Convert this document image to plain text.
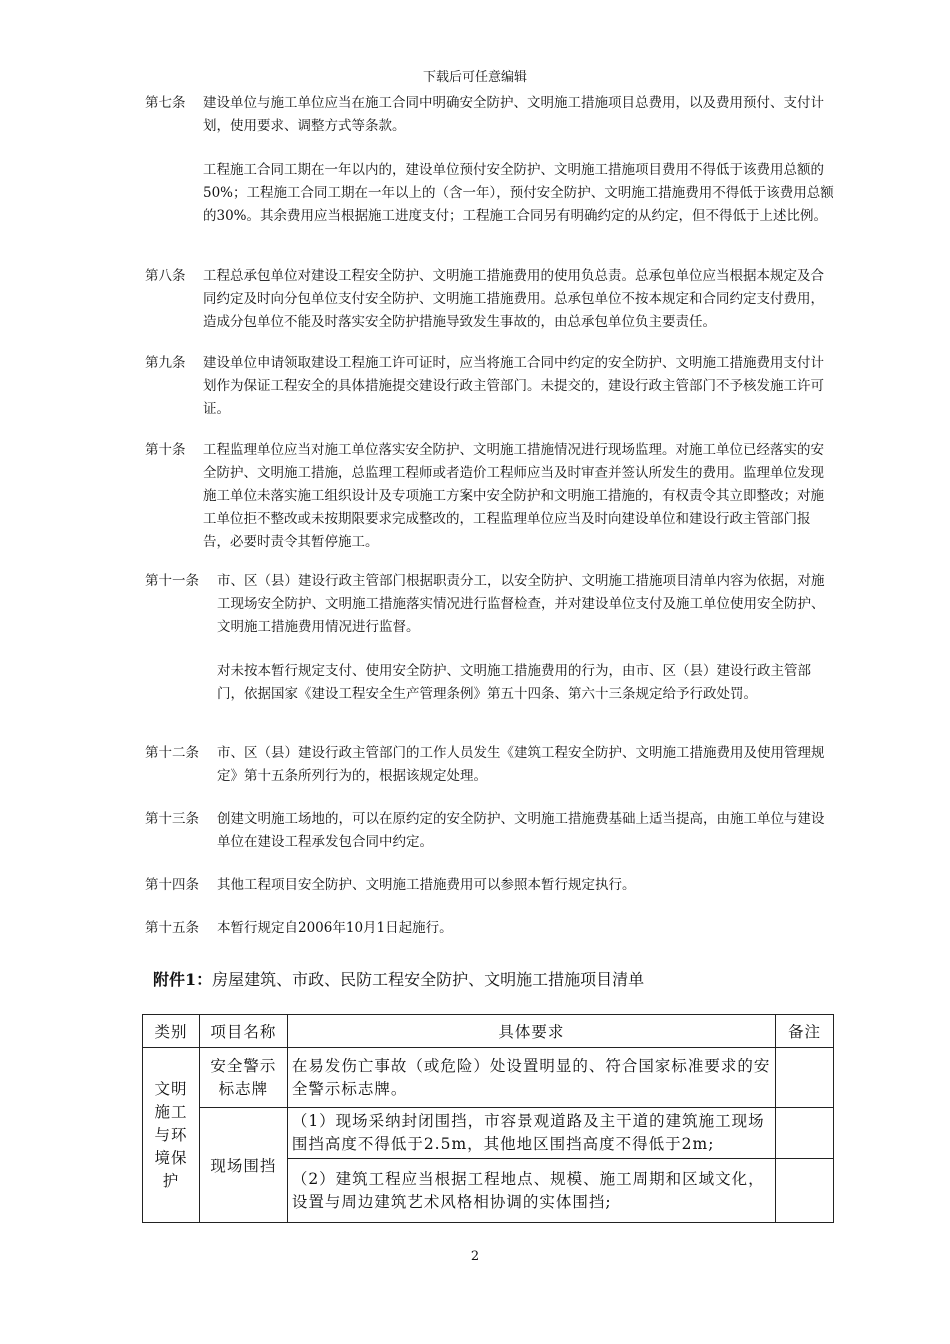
下载后可任意编辑
第七条 建设单位与施工单位应当在施工合同中明确安全防护、文明施工措施项目总费用，以及费用预付、支付计划，使用要求、调整方式等条款。

工程施工合同工期在一年以内的，建设单位预付安全防护、文明施工措施项目费用不得低于该费用总额的50%；工程施工合同工期在一年以上的（含一年），预付安全防护、文明施工措施费用不得低于该费用总额的30%。其余费用应当根据施工进度支付；工程施工合同另有明确约定的从约定，但不得低于上述比例。

第八条 工程总承包单位对建设工程安全防护、文明施工措施费用的使用负总责。总承包单位应当根据本规定及合同约定及时向分包单位支付安全防护、文明施工措施费用。总承包单位不按本规定和合同约定支付费用，造成分包单位不能及时落实安全防护措施导致发生事故的，由总承包单位负主要责任。

第九条 建设单位申请领取建设工程施工许可证时，应当将施工合同中约定的安全防护、文明施工措施费用支付计划作为保证工程安全的具体措施提交建设行政主管部门。未提交的，建设行政主管部门不予核发施工许可证。

第十条 工程监理单位应当对施工单位落实安全防护、文明施工措施情况进行现场监理。对施工单位已经落实的安全防护、文明施工措施，总监理工程师或者造价工程师应当及时审查并签认所发生的费用。监理单位发现施工单位未落实施工组织设计及专项施工方案中安全防护和文明施工措施的，有权责令其立即整改；对施工单位拒不整改或未按期限要求完成整改的，工程监理单位应当及时向建设单位和建设行政主管部门报告，必要时责令其暂停施工。

第十一条 市、区（县）建设行政主管部门根据职责分工，以安全防护、文明施工措施项目清单内容为依据，对施工现场安全防护、文明施工措施落实情况进行监督检查，并对建设单位支付及施工单位使用安全防护、文明施工措施费用情况进行监督。

对未按本暂行规定支付、使用安全防护、文明施工措施费用的行为，由市、区（县）建设行政主管部门，依据国家《建设工程安全生产管理条例》第五十四条、第六十三条规定给予行政处罚。

第十二条 市、区（县）建设行政主管部门的工作人员发生《建筑工程安全防护、文明施工措施费用及使用管理规定》第十五条所列行为的，根据该规定处理。

第十三条 创建文明施工场地的，可以在原约定的安全防护、文明施工措施费基础上适当提高，由施工单位与建设单位在建设工程承发包合同中约定。

第十四条 其他工程项目安全防护、文明施工措施费用可以参照本暂行规定执行。

第十五条 本暂行规定自2006年10月1日起施行。

附件1：房屋建筑、市政、民防工程安全防护、文明施工措施项目清单
类别	项目名称	具体要求	备注
文明施工与环境保护	安全警示标志牌	在易发伤亡事故（或危险）处设置明显的、符合国家标准要求的安全警示标志牌。	
	现场围挡	（1）现场采纳封闭围挡，市容景观道路及主干道的建筑施工现场围挡高度不得低于2.5m，其他地区围挡高度不得低于2m;	
		（2）建筑工程应当根据工程地点、规模、施工周期和区域文化，设置与周边建筑艺术风格相协调的实体围挡;	
2
